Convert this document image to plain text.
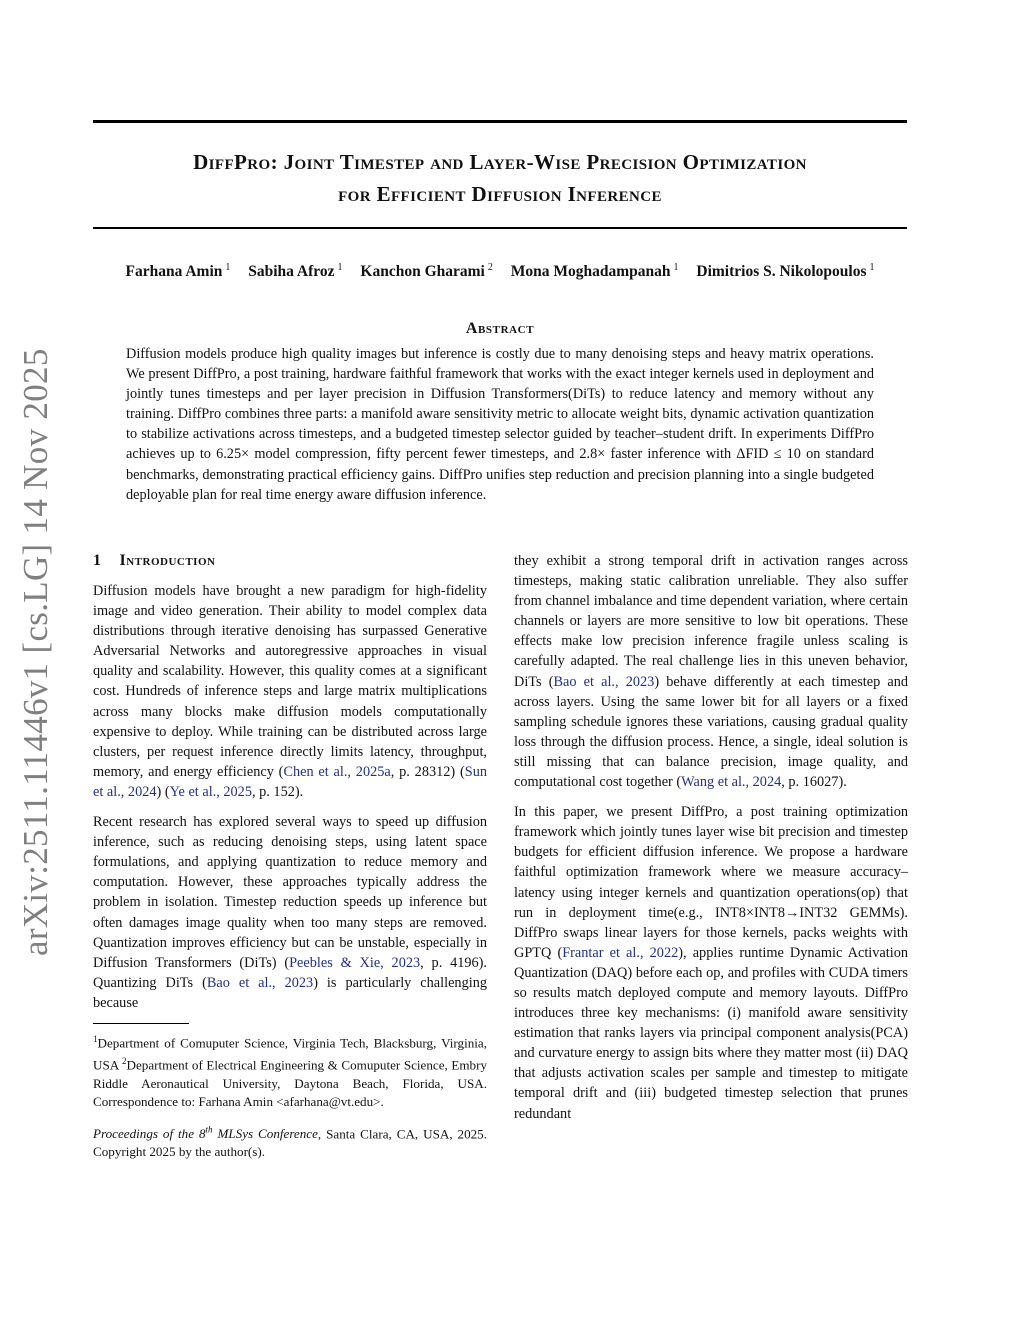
arXiv:2511.11446v1 [cs.LG] 14 Nov 2025
DiffPro: Joint Timestep and Layer-Wise Precision Optimization
for Efficient Diffusion Inference
Farhana Amin $^1$ Sabiha Afroz $^1$ Kanchon Gharami $^2$ Mona Moghadampanah $^1$ Dimitrios S. Nikolopoulos $^1$
Abstract
Diffusion models produce high quality images but inference is costly due to many denoising steps and heavy matrix operations. We present DiffPro, a post training, hardware faithful framework that works with the exact integer kernels used in deployment and jointly tunes timesteps and per layer precision in Diffusion Transformers(DiTs) to reduce latency and memory without any training. DiffPro combines three parts: a manifold aware sensitivity metric to allocate weight bits, dynamic activation quantization to stabilize activations across timesteps, and a budgeted timestep selector guided by teacher–student drift. In experiments DiffPro achieves up to 6.25× model compression, fifty percent fewer timesteps, and 2.8× faster inference with ΔFID ≤ 10 on standard benchmarks, demonstrating practical efficiency gains. DiffPro unifies step reduction and precision planning into a single budgeted deployable plan for real time energy aware diffusion inference.
1 Introduction

Diffusion models have brought a new paradigm for high-fidelity image and video generation. Their ability to model complex data distributions through iterative denoising has surpassed Generative Adversarial Networks and autoregressive approaches in visual quality and scalability. However, this quality comes at a significant cost. Hundreds of inference steps and large matrix multiplications across many blocks make diffusion models computationally expensive to deploy. While training can be distributed across large clusters, per request inference directly limits latency, throughput, memory, and energy efficiency (Chen et al., 2025a, p. 28312) (Sun et al., 2024) (Ye et al., 2025, p. 152).

Recent research has explored several ways to speed up diffusion inference, such as reducing denoising steps, using latent space formulations, and applying quantization to reduce memory and computation. However, these approaches typically address the problem in isolation. Timestep reduction speeds up inference but often damages image quality when too many steps are removed. Quantization improves efficiency but can be unstable, especially in Diffusion Transformers (DiTs) (Peebles & Xie, 2023, p. 4196). Quantizing DiTs (Bao et al., 2023) is particularly challenging because

$^1$Department of Comuputer Science, Virginia Tech, Blacksburg, Virginia, USA $^2$Department of Electrical Engineering & Comuputer Science, Embry Riddle Aeronautical University, Daytona Beach, Florida, USA. Correspondence to: Farhana Amin <afarhana@vt.edu>.

Proceedings of the 8th MLSys Conference, Santa Clara, CA, USA, 2025. Copyright 2025 by the author(s).

they exhibit a strong temporal drift in activation ranges across timesteps, making static calibration unreliable. They also suffer from channel imbalance and time dependent variation, where certain channels or layers are more sensitive to low bit operations. These effects make low precision inference fragile unless scaling is carefully adapted. The real challenge lies in this uneven behavior, DiTs (Bao et al., 2023) behave differently at each timestep and across layers. Using the same lower bit for all layers or a fixed sampling schedule ignores these variations, causing gradual quality loss through the diffusion process. Hence, a single, ideal solution is still missing that can balance precision, image quality, and computational cost together (Wang et al., 2024, p. 16027).

In this paper, we present DiffPro, a post training optimization framework which jointly tunes layer wise bit precision and timestep budgets for efficient diffusion inference. We propose a hardware faithful optimization framework where we measure accuracy–latency using integer kernels and quantization operations(op) that run in deployment time(e.g., INT8×INT8→INT32 GEMMs). DiffPro swaps linear layers for those kernels, packs weights with GPTQ (Frantar et al., 2022), applies runtime Dynamic Activation Quantization (DAQ) before each op, and profiles with CUDA timers so results match deployed compute and memory layouts. DiffPro introduces three key mechanisms: (i) manifold aware sensitivity estimation that ranks layers via principal component analysis(PCA) and curvature energy to assign bits where they matter most (ii) DAQ that adjusts activation scales per sample and timestep to mitigate temporal drift and (iii) budgeted timestep selection that prunes redundant
